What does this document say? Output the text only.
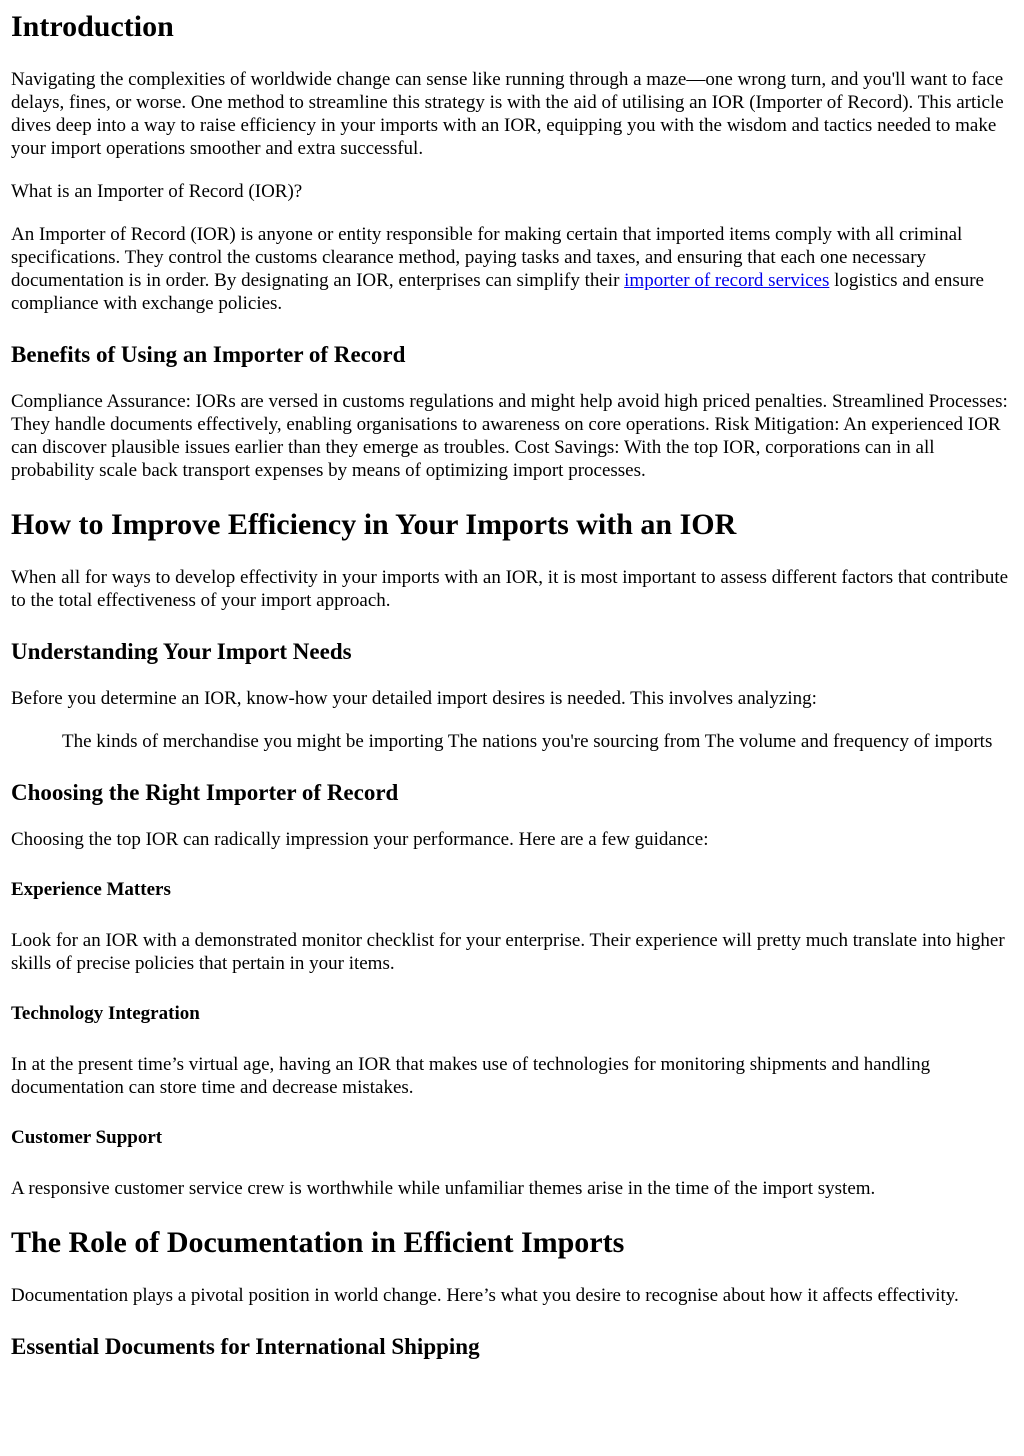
Introduction

Navigating the complexities of worldwide change can sense like running through a maze—one wrong turn, and you'll want to face delays, fines, or worse. One method to streamline this strategy is with the aid of utilising an IOR (Importer of Record). This article dives deep into a way to raise efficiency in your imports with an IOR, equipping you with the wisdom and tactics needed to make your import operations smoother and extra successful.

What is an Importer of Record (IOR)?

An Importer of Record (IOR) is anyone or entity responsible for making certain that imported items comply with all criminal specifications. They control the customs clearance method, paying tasks and taxes, and ensuring that each one necessary documentation is in order. By designating an IOR, enterprises can simplify their importer of record services logistics and ensure compliance with exchange policies.

Benefits of Using an Importer of Record

Compliance Assurance: IORs are versed in customs regulations and might help avoid high priced penalties. Streamlined Processes: They handle documents effectively, enabling organisations to awareness on core operations. Risk Mitigation: An experienced IOR can discover plausible issues earlier than they emerge as troubles. Cost Savings: With the top IOR, corporations can in all probability scale back transport expenses by means of optimizing import processes.

How to Improve Efficiency in Your Imports with an IOR

When all for ways to develop effectivity in your imports with an IOR, it is most important to assess different factors that contribute to the total effectiveness of your import approach.

Understanding Your Import Needs

Before you determine an IOR, know-how your detailed import desires is needed. This involves analyzing:

The kinds of merchandise you might be importing The nations you're sourcing from The volume and frequency of imports
Choosing the Right Importer of Record

Choosing the top IOR can radically impression your performance. Here are a few guidance:

Experience Matters

Look for an IOR with a demonstrated monitor checklist for your enterprise. Their experience will pretty much translate into higher skills of precise policies that pertain in your items.

Technology Integration

In at the present time’s virtual age, having an IOR that makes use of technologies for monitoring shipments and handling documentation can store time and decrease mistakes.

Customer Support

A responsive customer service crew is worthwhile while unfamiliar themes arise in the time of the import system.

The Role of Documentation in Efficient Imports

Documentation plays a pivotal position in world change. Here’s what you desire to recognise about how it affects effectivity.

Essential Documents for International Shipping
